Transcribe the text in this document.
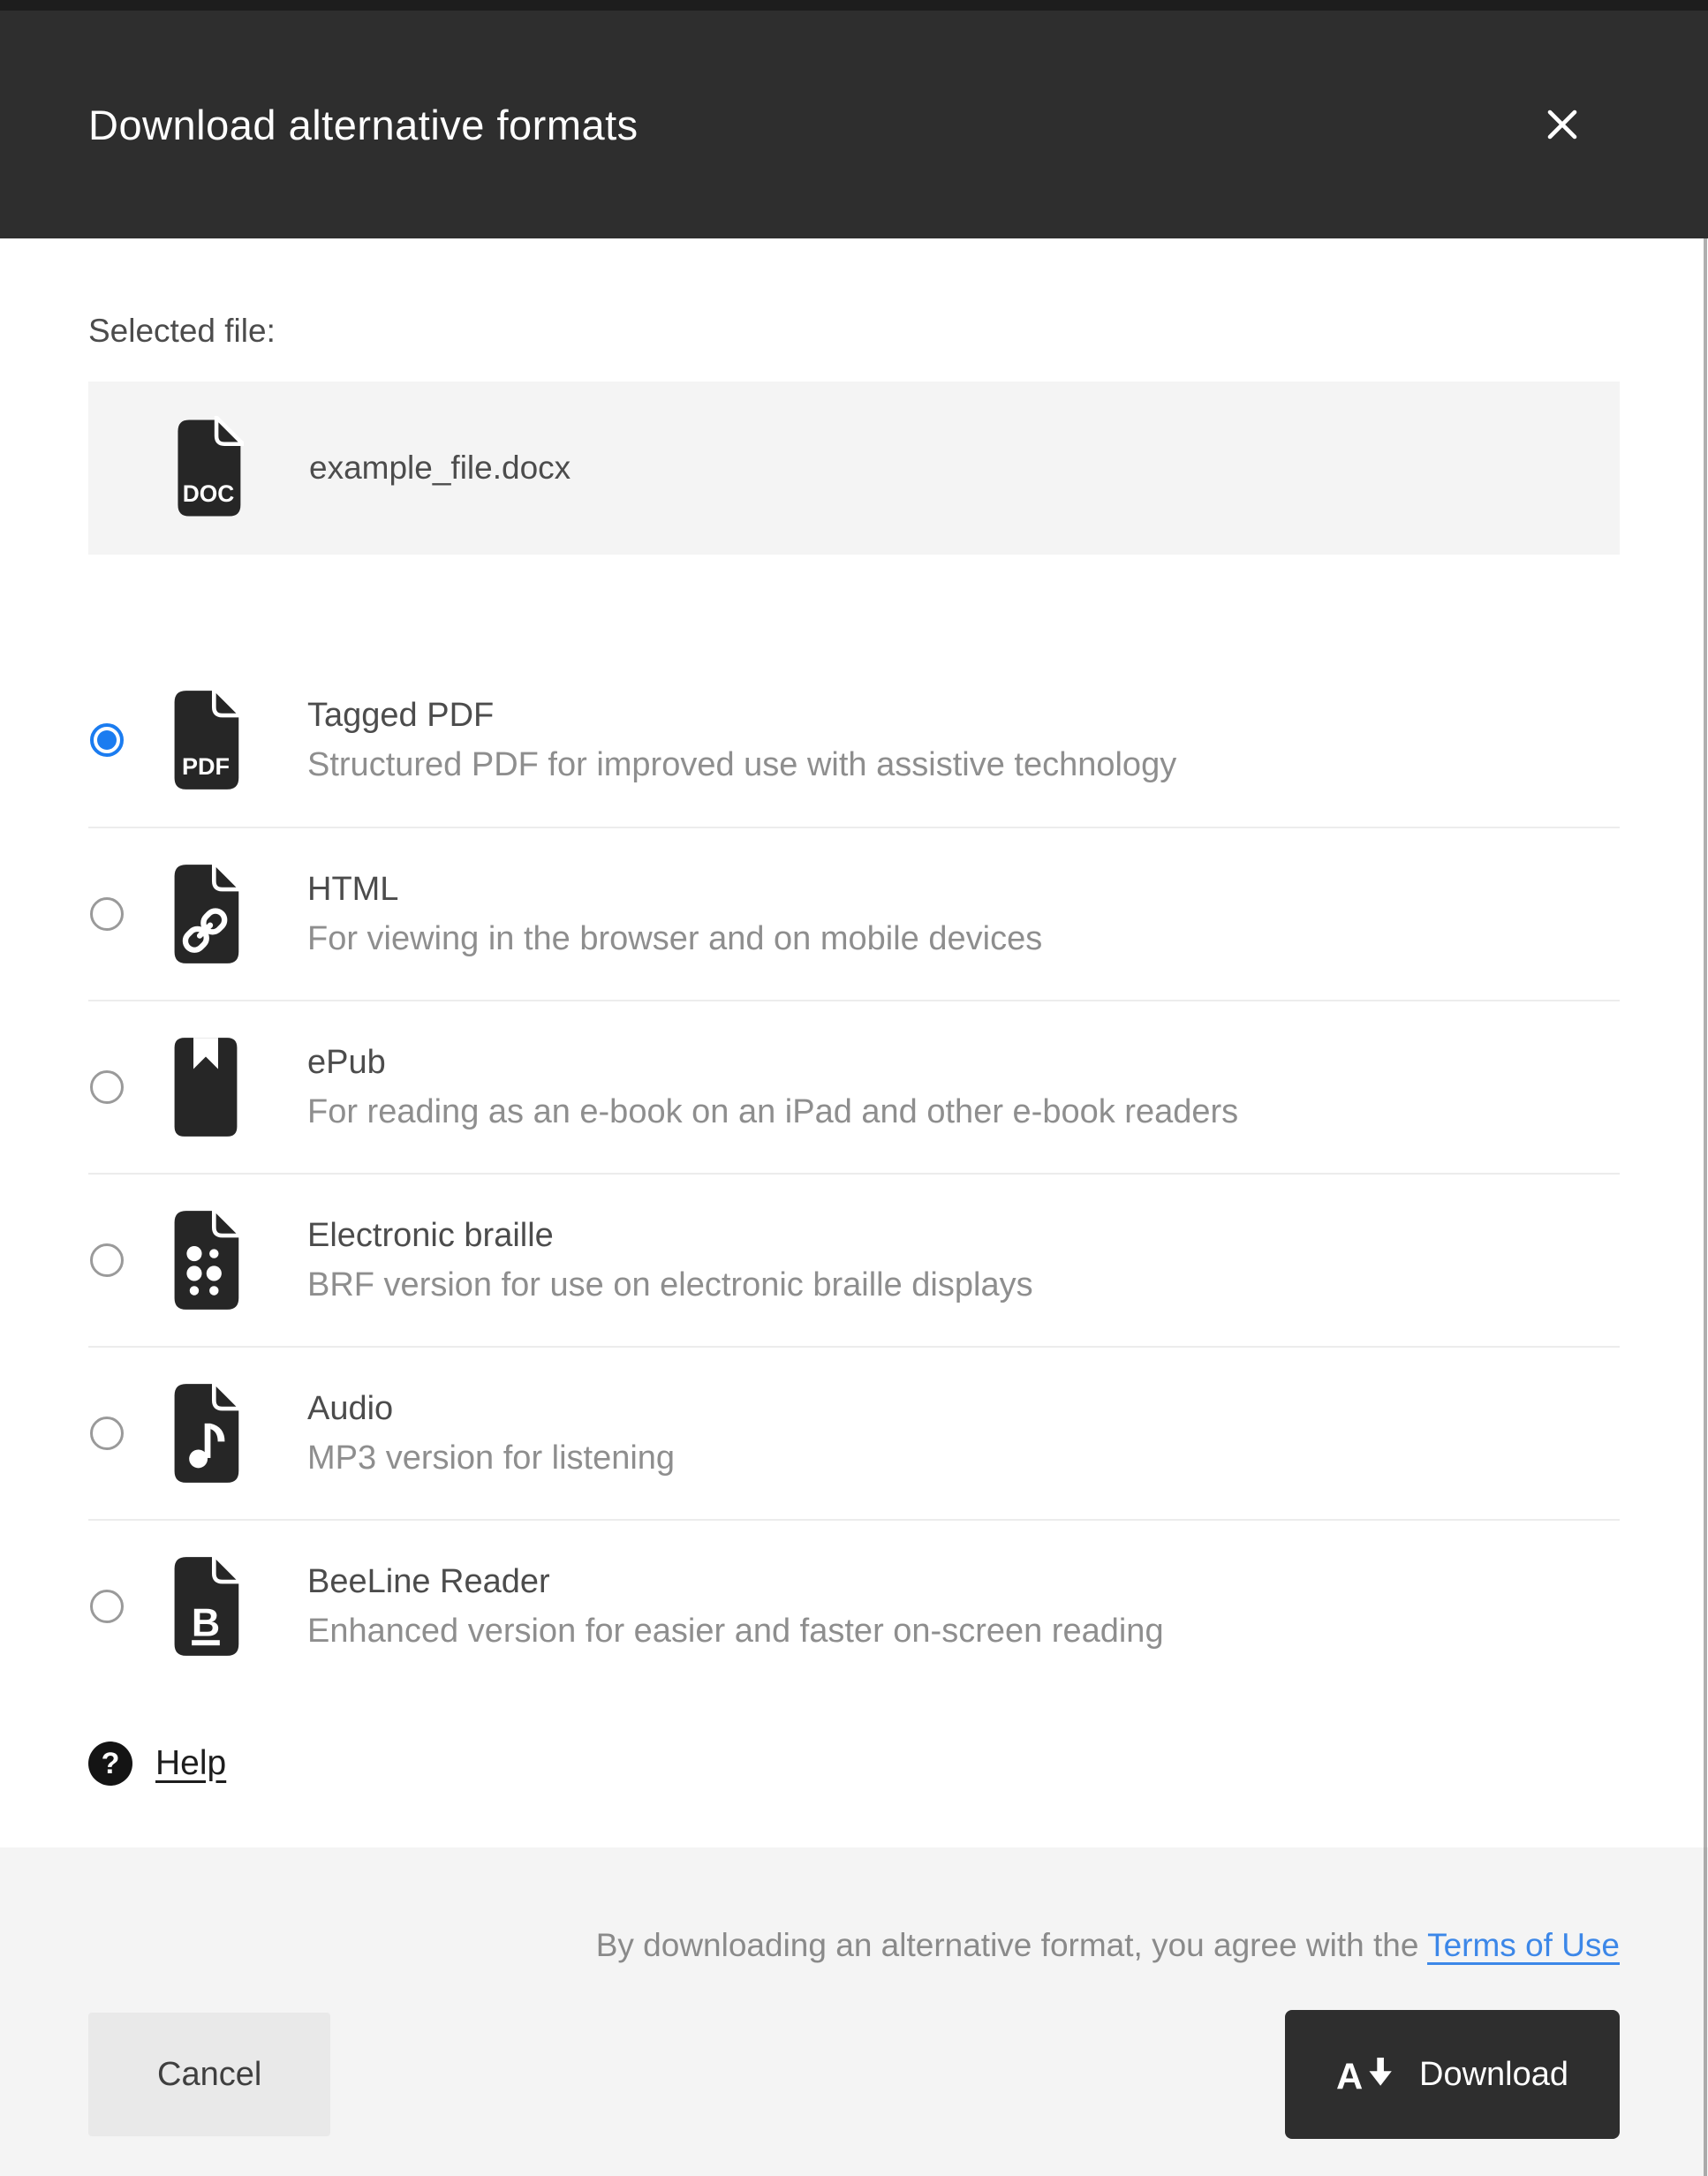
Download alternative formats
Selected file:
example_file.docx
Tagged PDF
Structured PDF for improved use with assistive technology
HTML
For viewing in the browser and on mobile devices
ePub
For reading as an e-book on an iPad and other e-book readers
Electronic braille
BRF version for use on electronic braille displays
Audio
MP3 version for listening
BeeLine Reader
Enhanced version for easier and faster on-screen reading
?	Help
By downloading an alternative format, you agree with the Terms of Use
Cancel	A Download
